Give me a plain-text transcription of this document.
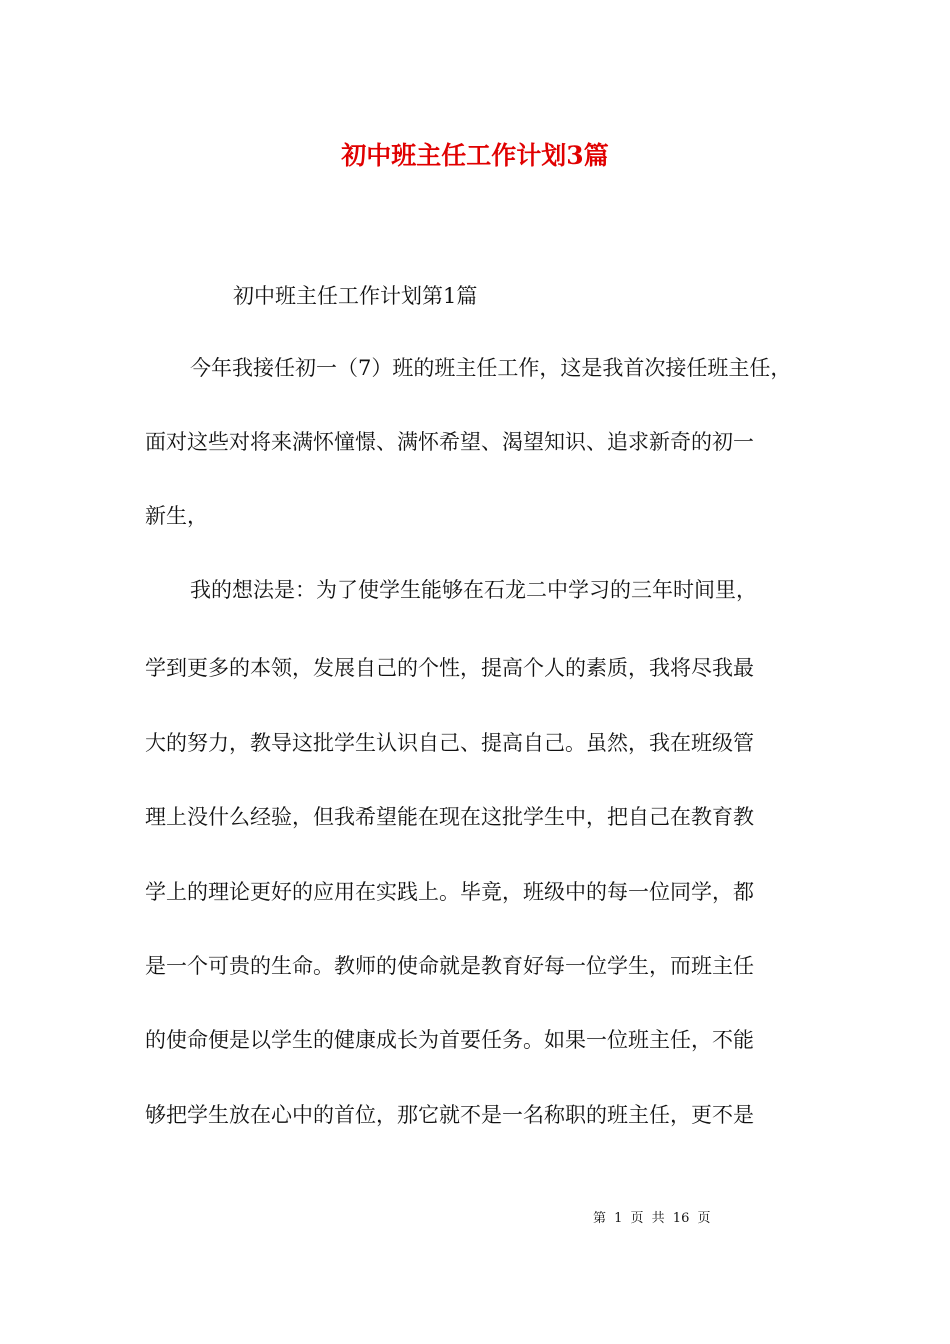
初中班主任工作计划3篇
初中班主任工作计划第1篇
今年我接任初一（7）班的班主任工作，这是我首次接任班主任，
面对这些对将来满怀憧憬、满怀希望、渴望知识、追求新奇的初一
新生，
我的想法是：为了使学生能够在石龙二中学习的三年时间里，
学到更多的本领，发展自己的个性，提高个人的素质，我将尽我最
大的努力，教导这批学生认识自己、提高自己。虽然，我在班级管
理上没什么经验，但我希望能在现在这批学生中，把自己在教育教
学上的理论更好的应用在实践上。毕竟，班级中的每一位同学，都
是一个可贵的生命。教师的使命就是教育好每一位学生，而班主任
的使命便是以学生的健康成长为首要任务。如果一位班主任，不能
够把学生放在心中的首位，那它就不是一名称职的班主任，更不是
第 1 页 共 16 页
